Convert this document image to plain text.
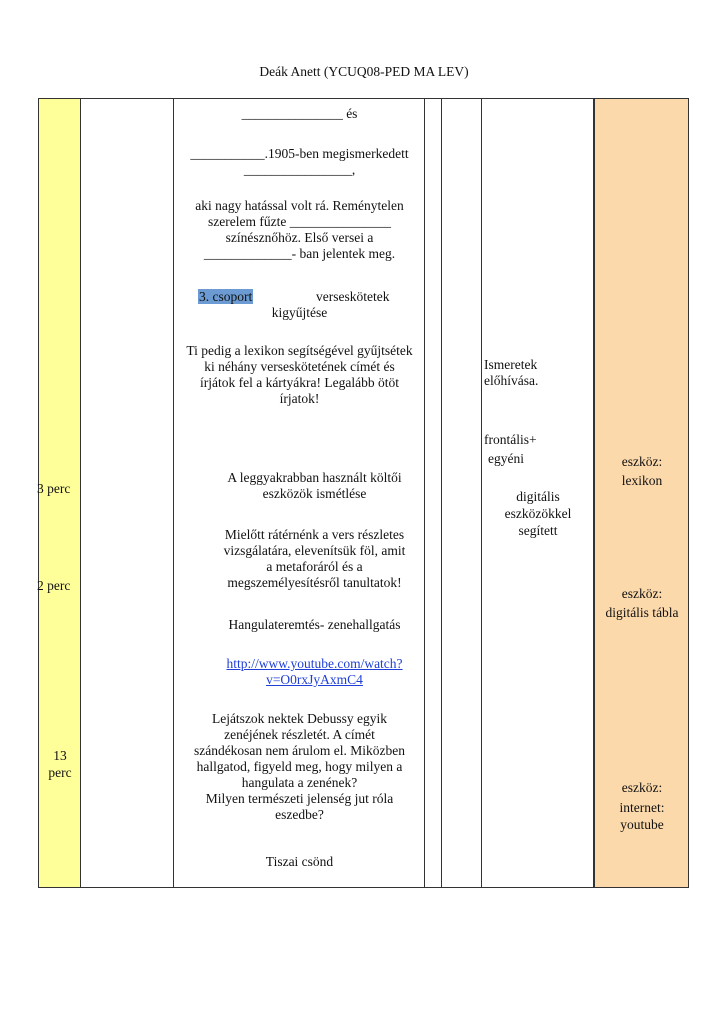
Deák Anett (YCUQ08-PED MA LEV)
3 perc
2 perc
13
perc
_______________ és
___________.1905-ben megismerkedett
________________,
aki nagy hatással volt rá. Reménytelen
szerelem fűzte _______________
színésznőhöz. Első versei a
_____________- ban jelentek meg.
3. csoport	verseskötetek
kigyűjtése
Ti pedig a lexikon segítségével gyűjtsétek
ki néhány verseskötetének címét és
írjátok fel a kártyákra! Legalább ötöt
írjatok!
A leggyakrabban használt költői
eszközök ismétlése
Mielőtt rátérnénk a vers részletes
vizsgálatára, elevenítsük föl, amit
a metaforáról és a
megszemélyesítésről tanultatok!
Hangulateremtés- zenehallgatás
http://www.youtube.com/watch?
v=O0rxJyAxmC4
Lejátszok nektek Debussy egyik
zenéjének részletét. A címét
szándékosan nem árulom el. Miközben
hallgatod, figyeld meg, hogy milyen a
hangulata a zenének?
Milyen természeti jelenség jut róla
eszedbe?
Tiszai csönd
Ismeretek
előhívása.
frontális+
egyéni
digitális
eszközökkel
segített
eszköz:
lexikon
eszköz:
digitális tábla
eszköz:
internet:
youtube
